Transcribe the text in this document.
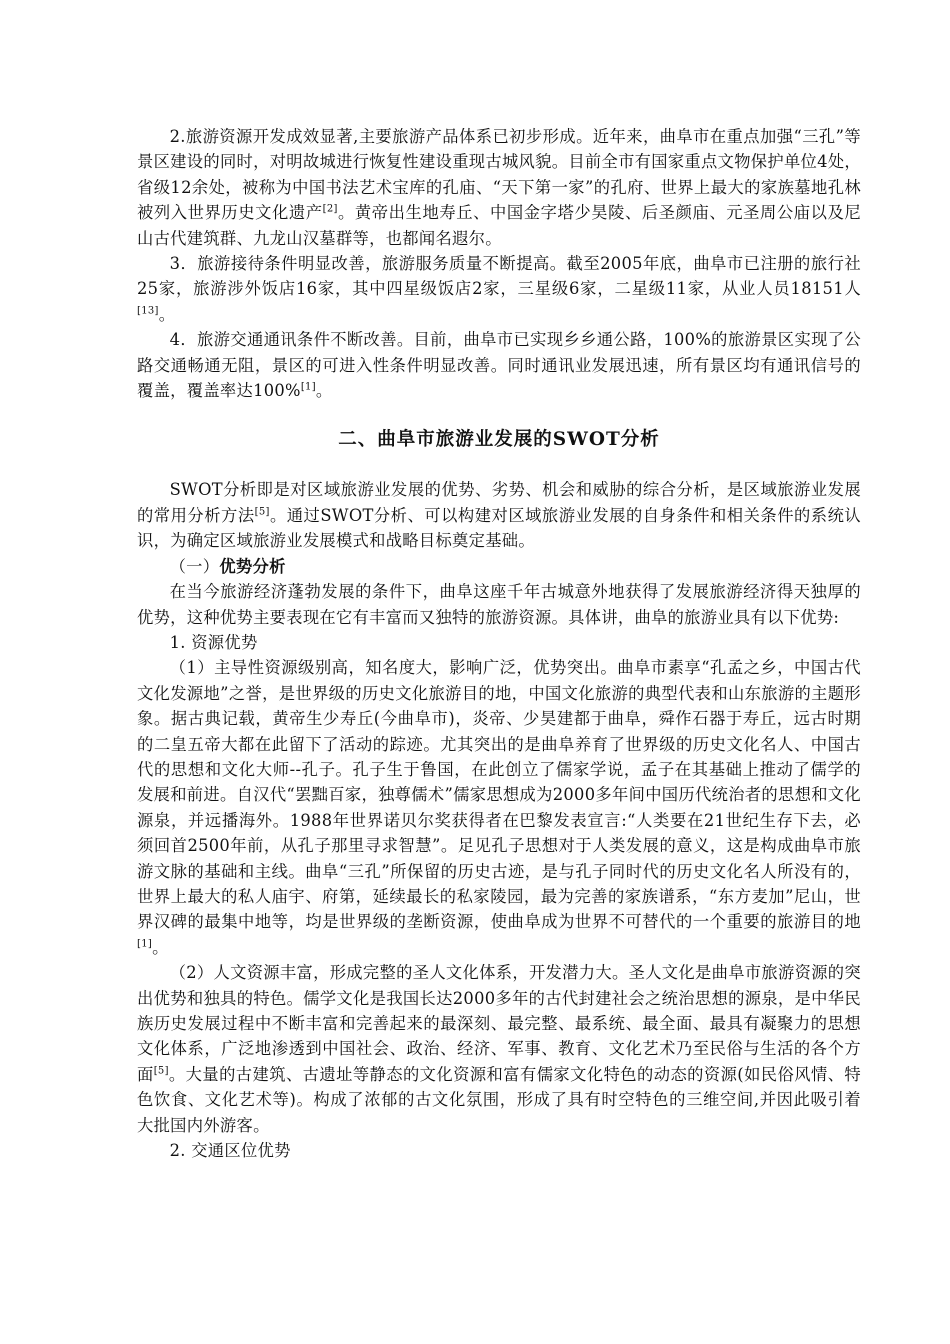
2.旅游资源开发成效显著,主要旅游产品体系已初步形成。近年来，曲阜市在重点加强“三孔”等景区建设的同时，对明故城进行恢复性建设重现古城风貌。目前全市有国家重点文物保护单位4处，省级12余处，被称为中国书法艺术宝库的孔庙、“天下第一家”的孔府、世界上最大的家族墓地孔林被列入世界历史文化遗产[2]。黄帝出生地寿丘、中国金字塔少昊陵、后圣颜庙、元圣周公庙以及尼山古代建筑群、九龙山汉墓群等，也都闻名遐尔。

3．旅游接待条件明显改善，旅游服务质量不断提高。截至2005年底，曲阜市已注册的旅行社25家，旅游涉外饭店16家，其中四星级饭店2家，三星级6家，二星级11家，从业人员18151人[13]。

4．旅游交通通讯条件不断改善。目前，曲阜市已实现乡乡通公路，100%的旅游景区实现了公路交通畅通无阻，景区的可进入性条件明显改善。同时通讯业发展迅速，所有景区均有通讯信号的覆盖，覆盖率达100%[1]。

二、曲阜市旅游业发展的SWOT分析

SWOT分析即是对区域旅游业发展的优势、劣势、机会和威胁的综合分析，是区域旅游业发展的常用分析方法[5]。通过SWOT分析、可以构建对区域旅游业发展的自身条件和相关条件的系统认识，为确定区域旅游业发展模式和战略目标奠定基础。

（一）优势分析

在当今旅游经济蓬勃发展的条件下，曲阜这座千年古城意外地获得了发展旅游经济得天独厚的优势，这种优势主要表现在它有丰富而又独特的旅游资源。具体讲，曲阜的旅游业具有以下优势:

1. 资源优势

（1）主导性资源级别高，知名度大，影响广泛，优势突出。曲阜市素享“孔孟之乡，中国古代文化发源地”之誉，是世界级的历史文化旅游目的地，中国文化旅游的典型代表和山东旅游的主题形象。据古典记载，黄帝生少寿丘(今曲阜市)，炎帝、少昊建都于曲阜，舜作石器于寿丘，远古时期的二皇五帝大都在此留下了活动的踪迹。尤其突出的是曲阜养育了世界级的历史文化名人、中国古代的思想和文化大师--孔子。孔子生于鲁国，在此创立了儒家学说，孟子在其基础上推动了儒学的发展和前进。自汉代“罢黜百家，独尊儒术”儒家思想成为2000多年间中国历代统治者的思想和文化源泉，并远播海外。1988年世界诺贝尔奖获得者在巴黎发表宣言:“人类要在21世纪生存下去，必须回首2500年前，从孔子那里寻求智慧”。足见孔子思想对于人类发展的意义，这是构成曲阜市旅游文脉的基础和主线。曲阜“三孔”所保留的历史古迹，是与孔子同时代的历史文化名人所没有的，世界上最大的私人庙宇、府第，延续最长的私家陵园，最为完善的家族谱系，“东方麦加”尼山，世界汉碑的最集中地等，均是世界级的垄断资源，使曲阜成为世界不可替代的一个重要的旅游目的地[1]。

（2）人文资源丰富，形成完整的圣人文化体系，开发潜力大。圣人文化是曲阜市旅游资源的突出优势和独具的特色。儒学文化是我国长达2000多年的古代封建社会之统治思想的源泉，是中华民族历史发展过程中不断丰富和完善起来的最深刻、最完整、最系统、最全面、最具有凝聚力的思想文化体系，广泛地渗透到中国社会、政治、经济、军事、教育、文化艺术乃至民俗与生活的各个方面[5]。大量的古建筑、古遗址等静态的文化资源和富有儒家文化特色的动态的资源(如民俗风情、特色饮食、文化艺术等)。构成了浓郁的古文化氛围，形成了具有时空特色的三维空间,并因此吸引着大批国内外游客。

2. 交通区位优势
